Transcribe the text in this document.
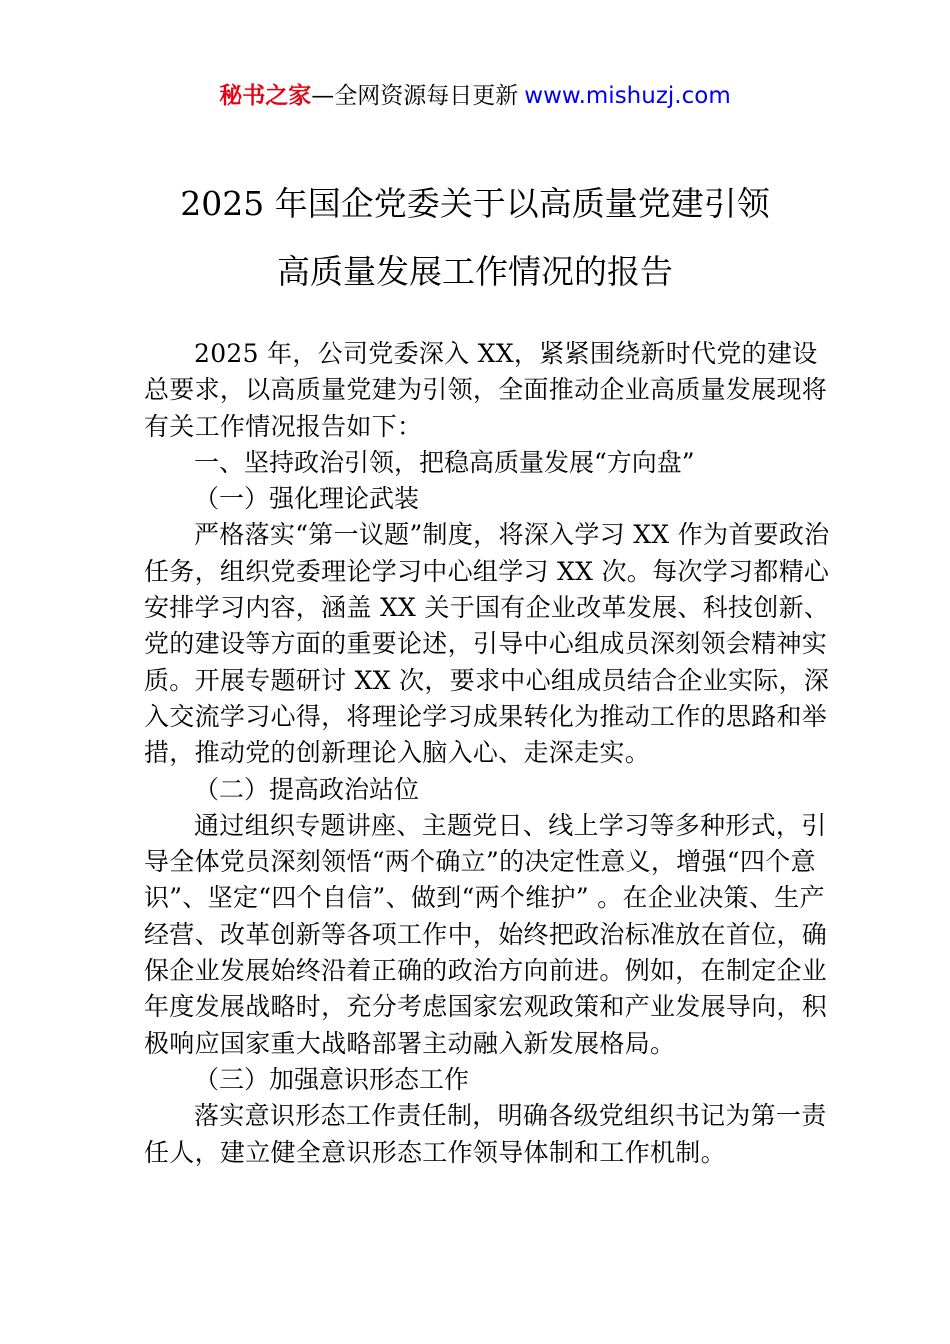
秘书之家—全网资源每日更新 www.mishuzj.com
2025 年国企党委关于以高质量党建引领
高质量发展工作情况的报告

2025 年，公司党委深入 XX，紧紧围绕新时代党的建设总要求，以高质量党建为引领，全面推动企业高质量发展现将有关工作情况报告如下：

一、坚持政治引领，把稳高质量发展“方向盘”

（一）强化理论武装

严格落实“第一议题”制度，将深入学习 XX 作为首要政治任务，组织党委理论学习中心组学习 XX 次。每次学习都精心安排学习内容，涵盖 XX 关于国有企业改革发展、科技创新、党的建设等方面的重要论述，引导中心组成员深刻领会精神实质。开展专题研讨 XX 次，要求中心组成员结合企业实际，深入交流学习心得，将理论学习成果转化为推动工作的思路和举措，推动党的创新理论入脑入心、走深走实。

（二）提高政治站位

通过组织专题讲座、主题党日、线上学习等多种形式，引导全体党员深刻领悟“两个确立”的决定性意义，增强“四个意识”、坚定“四个自信”、做到“两个维护” 。在企业决策、生产经营、改革创新等各项工作中，始终把政治标准放在首位，确保企业发展始终沿着正确的政治方向前进。例如，在制定企业年度发展战略时，充分考虑国家宏观政策和产业发展导向，积极响应国家重大战略部署主动融入新发展格局。

（三）加强意识形态工作

落实意识形态工作责任制，明确各级党组织书记为第一责任人，建立健全意识形态工作领导体制和工作机制。
